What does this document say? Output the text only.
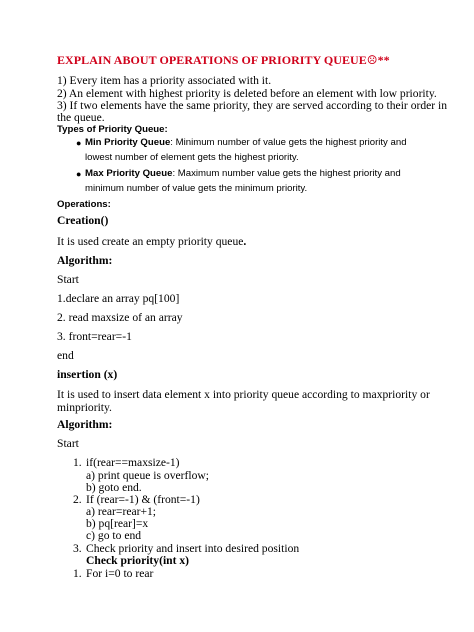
EXPLAIN ABOUT OPERATIONS OF PRIORITY QUEUE☹**
1) Every item has a priority associated with it.
2) An element with highest priority is deleted before an element with low priority.
3) If two elements have the same priority, they are served according to their order in
the queue.
Types of Priority Queue:
● Min Priority Queue: Minimum number of value gets the highest priority and
lowest number of element gets the highest priority.
● Max Priority Queue: Maximum number value gets the highest priority and
minimum number of value gets the minimum priority.
Operations:
Creation()
It is used create an empty priority queue.
Algorithm:
Start
1.declare an array pq[100]
2. read maxsize of an array
3. front=rear=-1
end
insertion (x)
It is used to insert data element x into priority queue according to maxpriority or
minpriority.
Algorithm:
Start
1. if(rear==maxsize-1)
a) print queue is overflow;
b) goto end.
2. If (rear=-1) & (front=-1)
a) rear=rear+1;
b) pq[rear]=x
c) go to end
3. Check priority and insert into desired position
Check priority(int x)
1. For i=0 to rear
